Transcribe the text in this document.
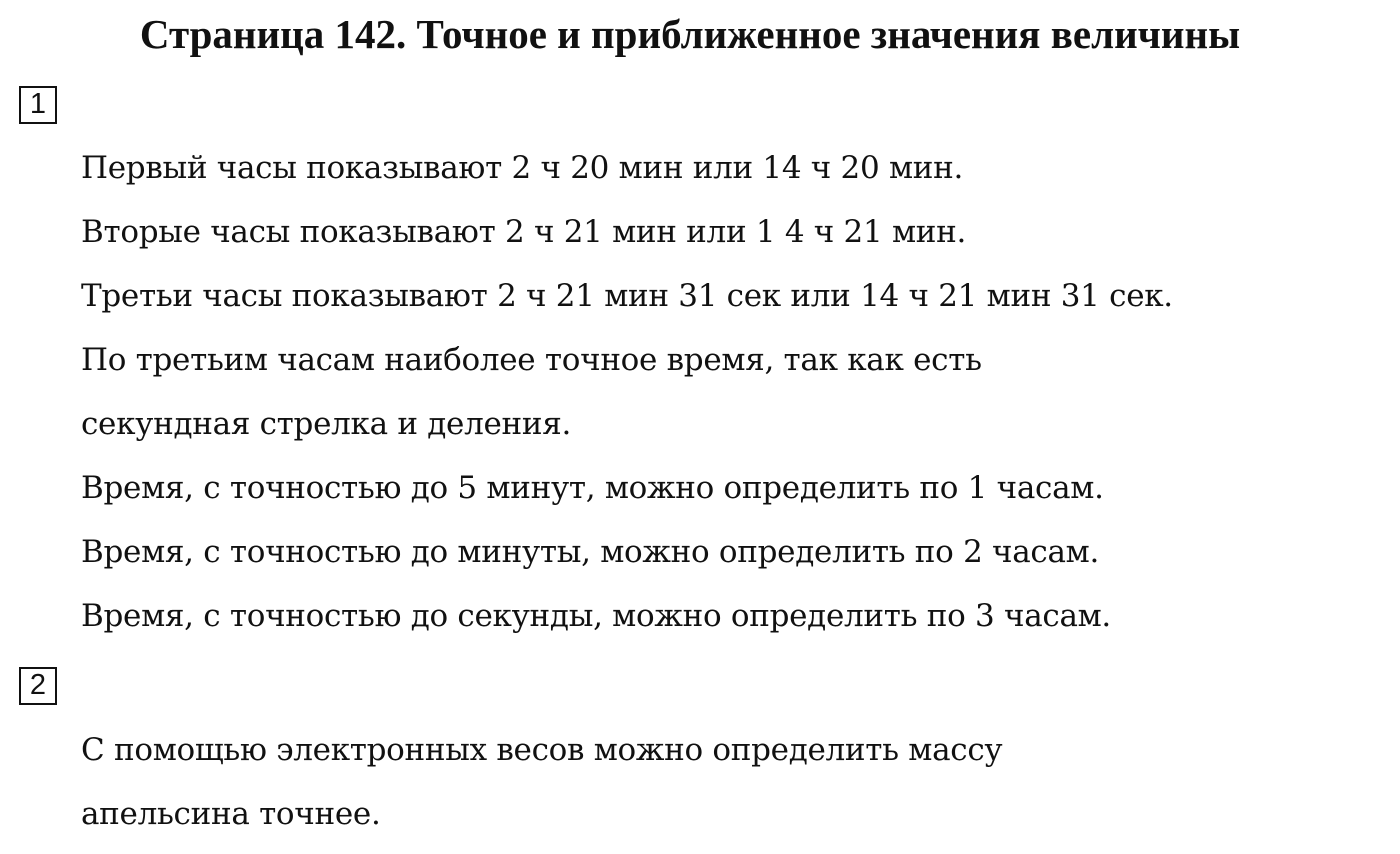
Страница 142. Точное и приближенное значения величины
1
Первый часы показывают 2 ч 20 мин или 14 ч 20 мин.
Вторые часы показывают 2 ч 21 мин или 1 4 ч 21 мин.
Третьи часы показывают 2 ч 21 мин 31 сек или 14 ч 21 мин 31 сек.
По третьим часам наиболее точное время, так как есть
секундная стрелка и деления.
Время, с точностью до 5 минут, можно определить по 1 часам.
Время, с точностью до минуты, можно определить по 2 часам.
Время, с точностью до секунды, можно определить по 3 часам.
2
С помощью электронных весов можно определить массу
апельсина точнее.
